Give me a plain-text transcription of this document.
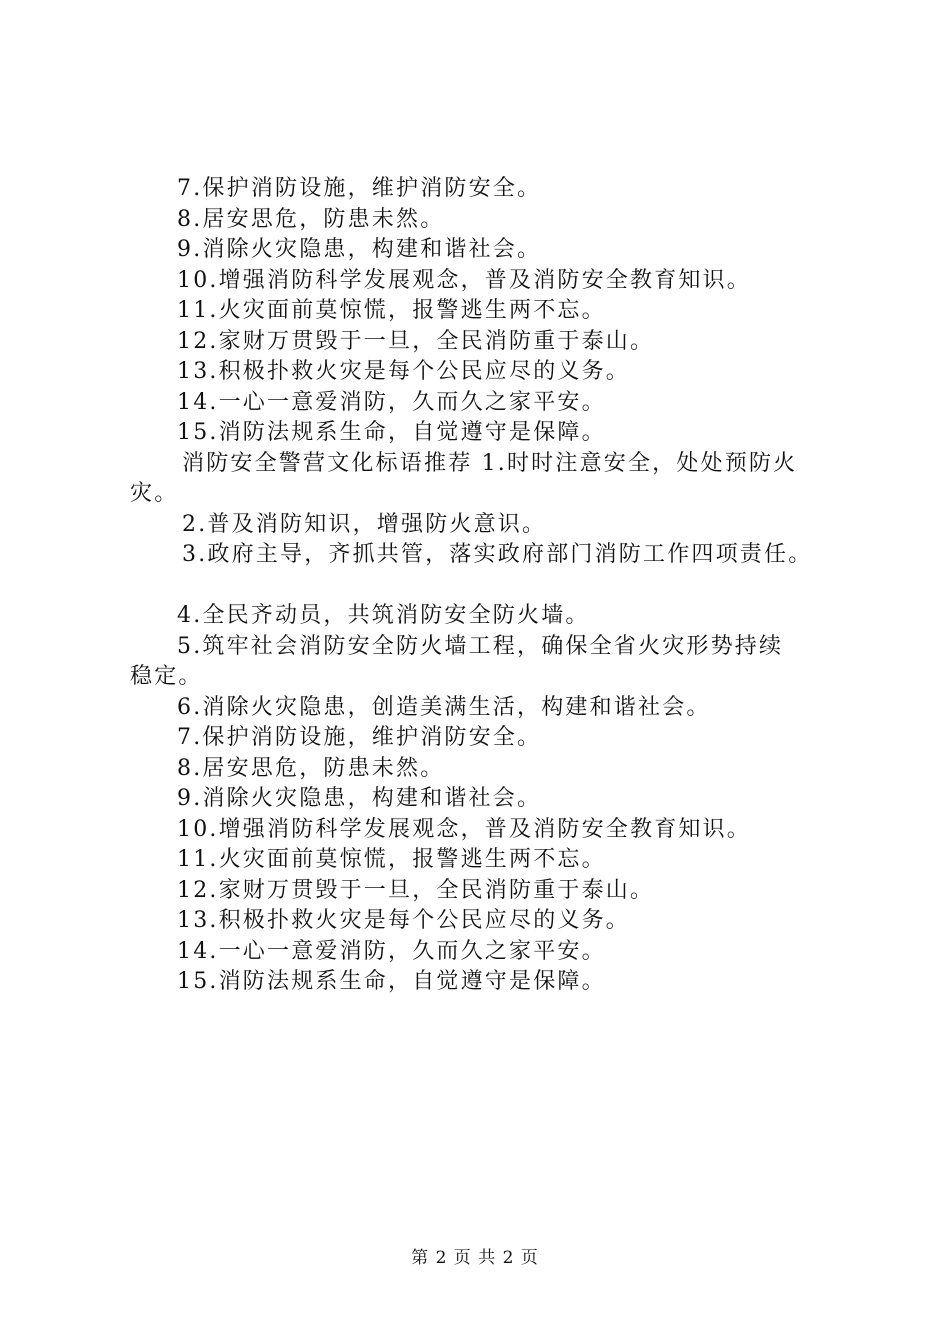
7.保护消防设施，维护消防安全。
8.居安思危，防患未然。
9.消除火灾隐患，构建和谐社会。
10.增强消防科学发展观念，普及消防安全教育知识。
11.火灾面前莫惊慌，报警逃生两不忘。
12.家财万贯毁于一旦，全民消防重于泰山。
13.积极扑救火灾是每个公民应尽的义务。
14.一心一意爱消防，久而久之家平安。
15.消防法规系生命，自觉遵守是保障。
消防安全警营文化标语推荐 1.时时注意安全，处处预防火
灾。
2.普及消防知识，增强防火意识。
3.政府主导，齐抓共管，落实政府部门消防工作四项责任。
4.全民齐动员，共筑消防安全防火墙。
5.筑牢社会消防安全防火墙工程，确保全省火灾形势持续
稳定。
6.消除火灾隐患，创造美满生活，构建和谐社会。
7.保护消防设施，维护消防安全。
8.居安思危，防患未然。
9.消除火灾隐患，构建和谐社会。
10.增强消防科学发展观念，普及消防安全教育知识。
11.火灾面前莫惊慌，报警逃生两不忘。
12.家财万贯毁于一旦，全民消防重于泰山。
13.积极扑救火灾是每个公民应尽的义务。
14.一心一意爱消防，久而久之家平安。
15.消防法规系生命，自觉遵守是保障。
第 2 页 共 2 页
